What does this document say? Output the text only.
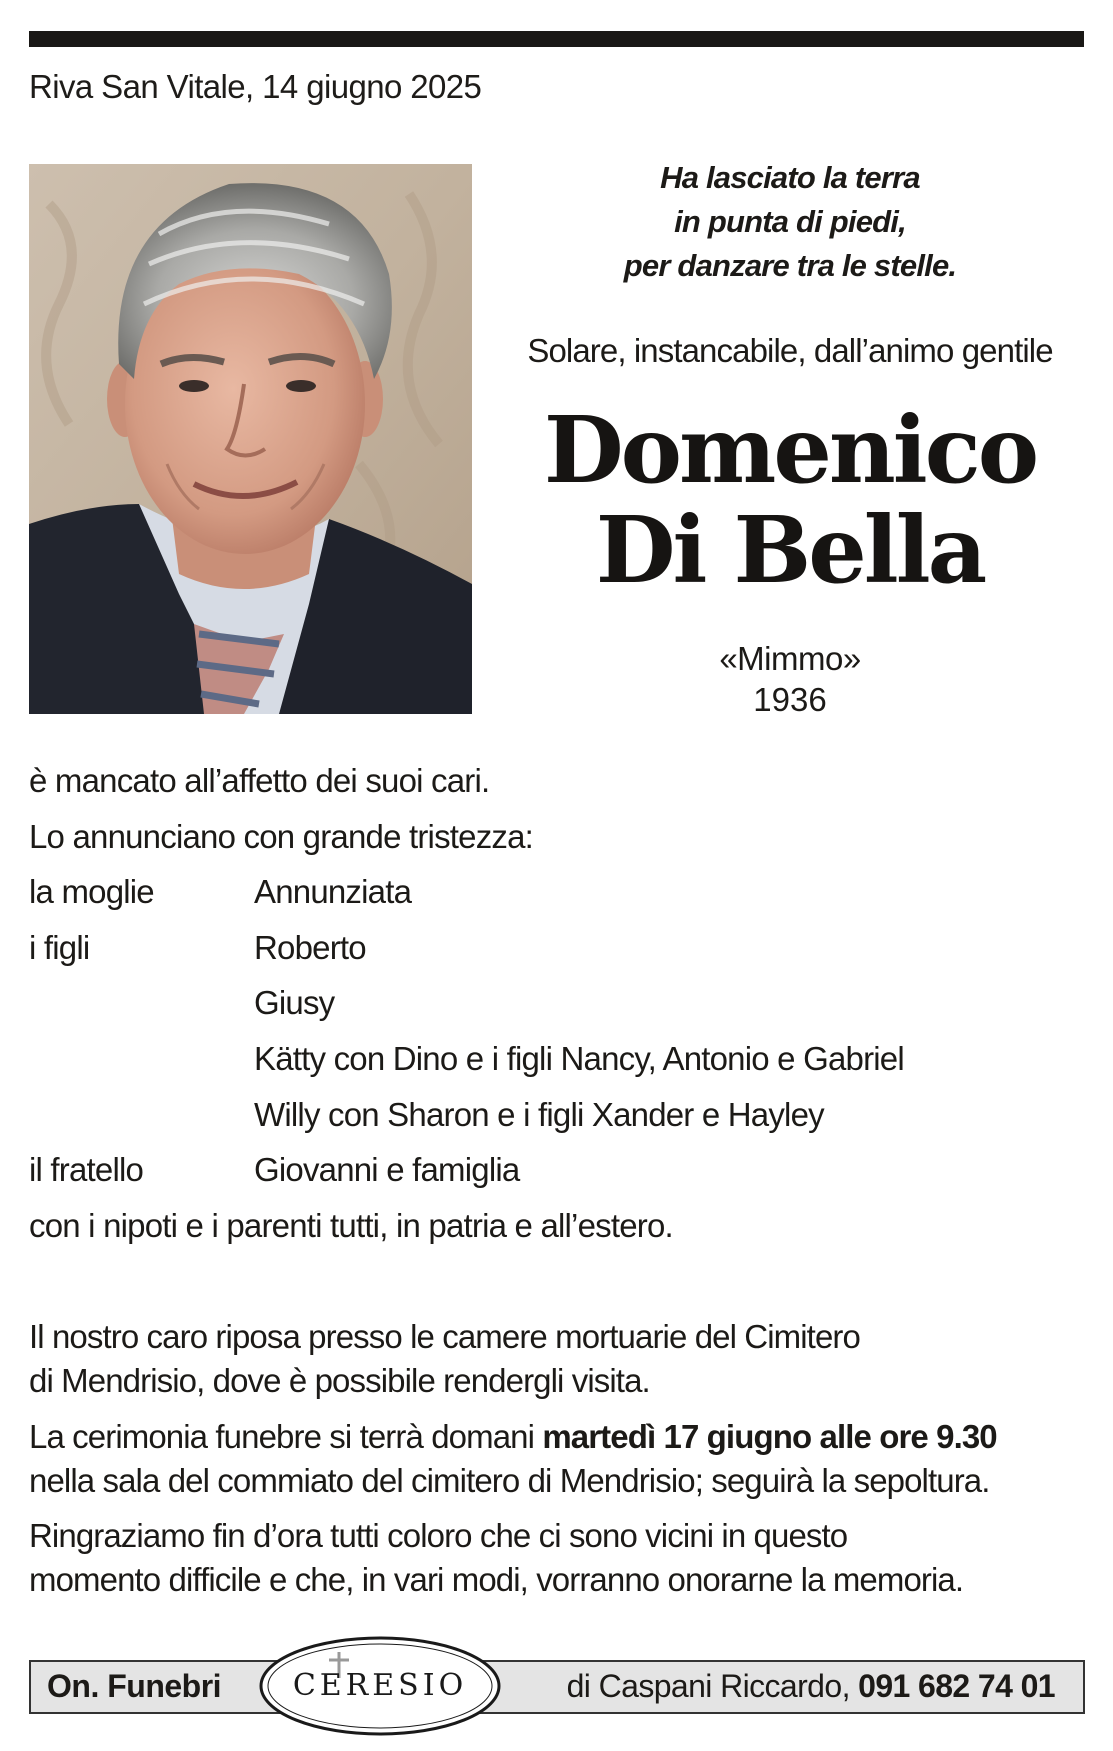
Riva San Vitale, 14 giugno 2025
Ha lasciato la terra
in punta di piedi,
per danzare tra le stelle.
Solare, instancabile, dall’animo gentile
Domenico
Di Bella
«Mimmo»
1936
è mancato all’affetto dei suoi cari.
Lo annunciano con grande tristezza:
la moglie	Annunziata
i figli	Roberto
Giusy
Kätty con Dino e i figli Nancy, Antonio e Gabriel
Willy con Sharon e i figli Xander e Hayley
il fratello	Giovanni e famiglia
con i nipoti e i parenti tutti, in patria e all’estero.
Il nostro caro riposa presso le camere mortuarie del Cimitero
di Mendrisio, dove è possibile rendergli visita.
La cerimonia funebre si terrà domani martedì 17 giugno alle ore 9.30
nella sala del commiato del cimitero di Mendrisio; seguirà la sepoltura.
Ringraziamo fin d’ora tutti coloro che ci sono vicini in questo
momento difficile e che, in vari modi, vorranno onorarne la memoria.
On. Funebri	CERESIO	di Caspani Riccardo, 091 682 74 01
